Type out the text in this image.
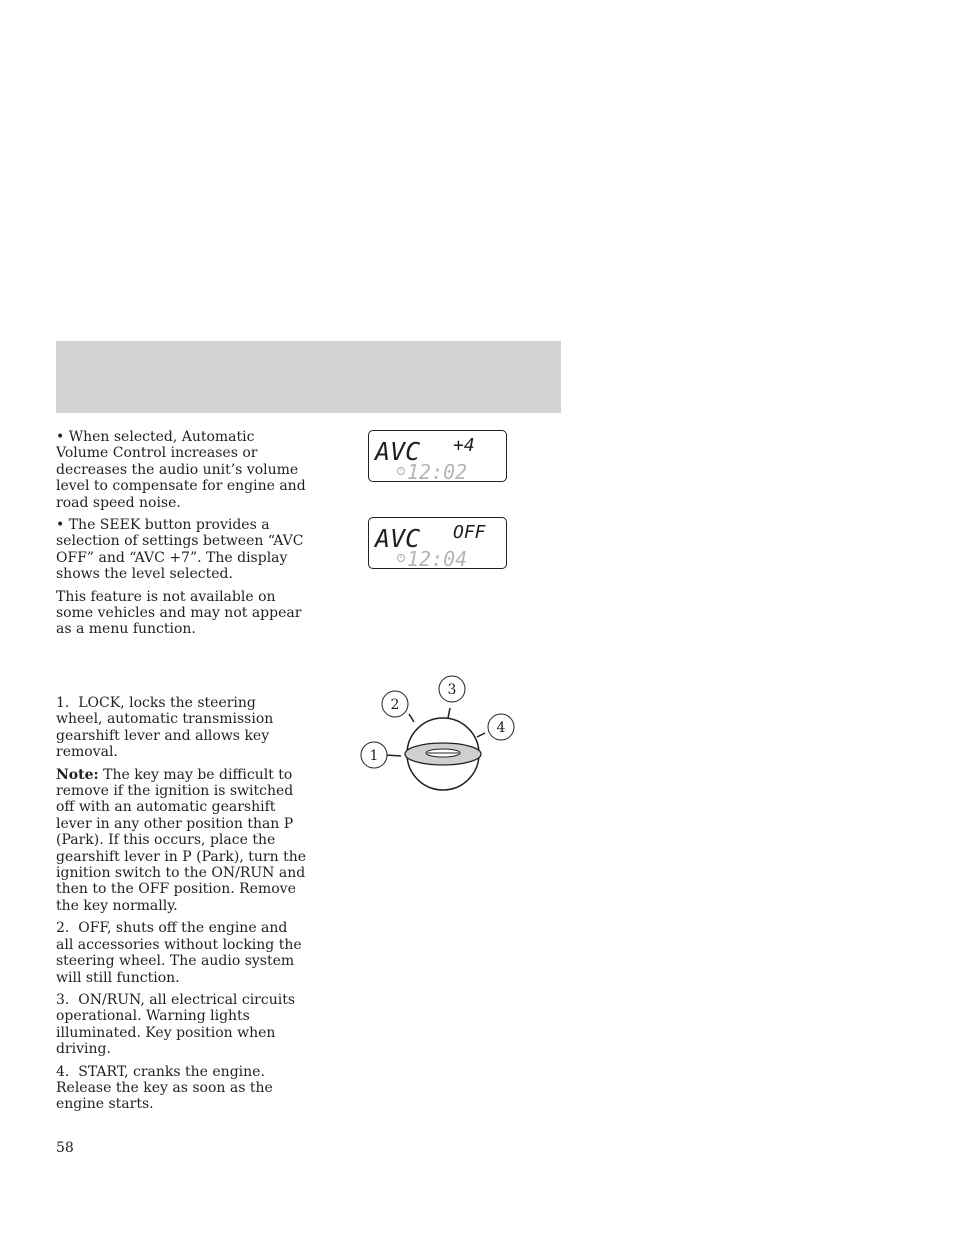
• When selected, Automatic Volume Control increases or decreases the audio unit’s volume level to compensate for engine and road speed noise.

• The SEEK button provides a selection of settings between “AVC OFF” and “AVC +7”. The display shows the level selected.

This feature is not available on some vehicles and may not appear as a menu function.

AVC +4
12:02
AVC OFF
12:04

1.  LOCK, locks the steering wheel, automatic transmission gearshift lever and allows key removal.

Note: The key may be difficult to remove if the ignition is switched off with an automatic gearshift lever in any other position than P (Park). If this occurs, place the gearshift lever in P (Park), turn the ignition switch to the ON/RUN and then to the OFF position. Remove the key normally.

2.  OFF, shuts off the engine and all accessories without locking the steering wheel. The audio system will still function.

3.  ON/RUN, all electrical circuits operational. Warning lights illuminated. Key position when driving.

4.  START, cranks the engine. Release the key as soon as the engine starts.

1
2
3
4
58
